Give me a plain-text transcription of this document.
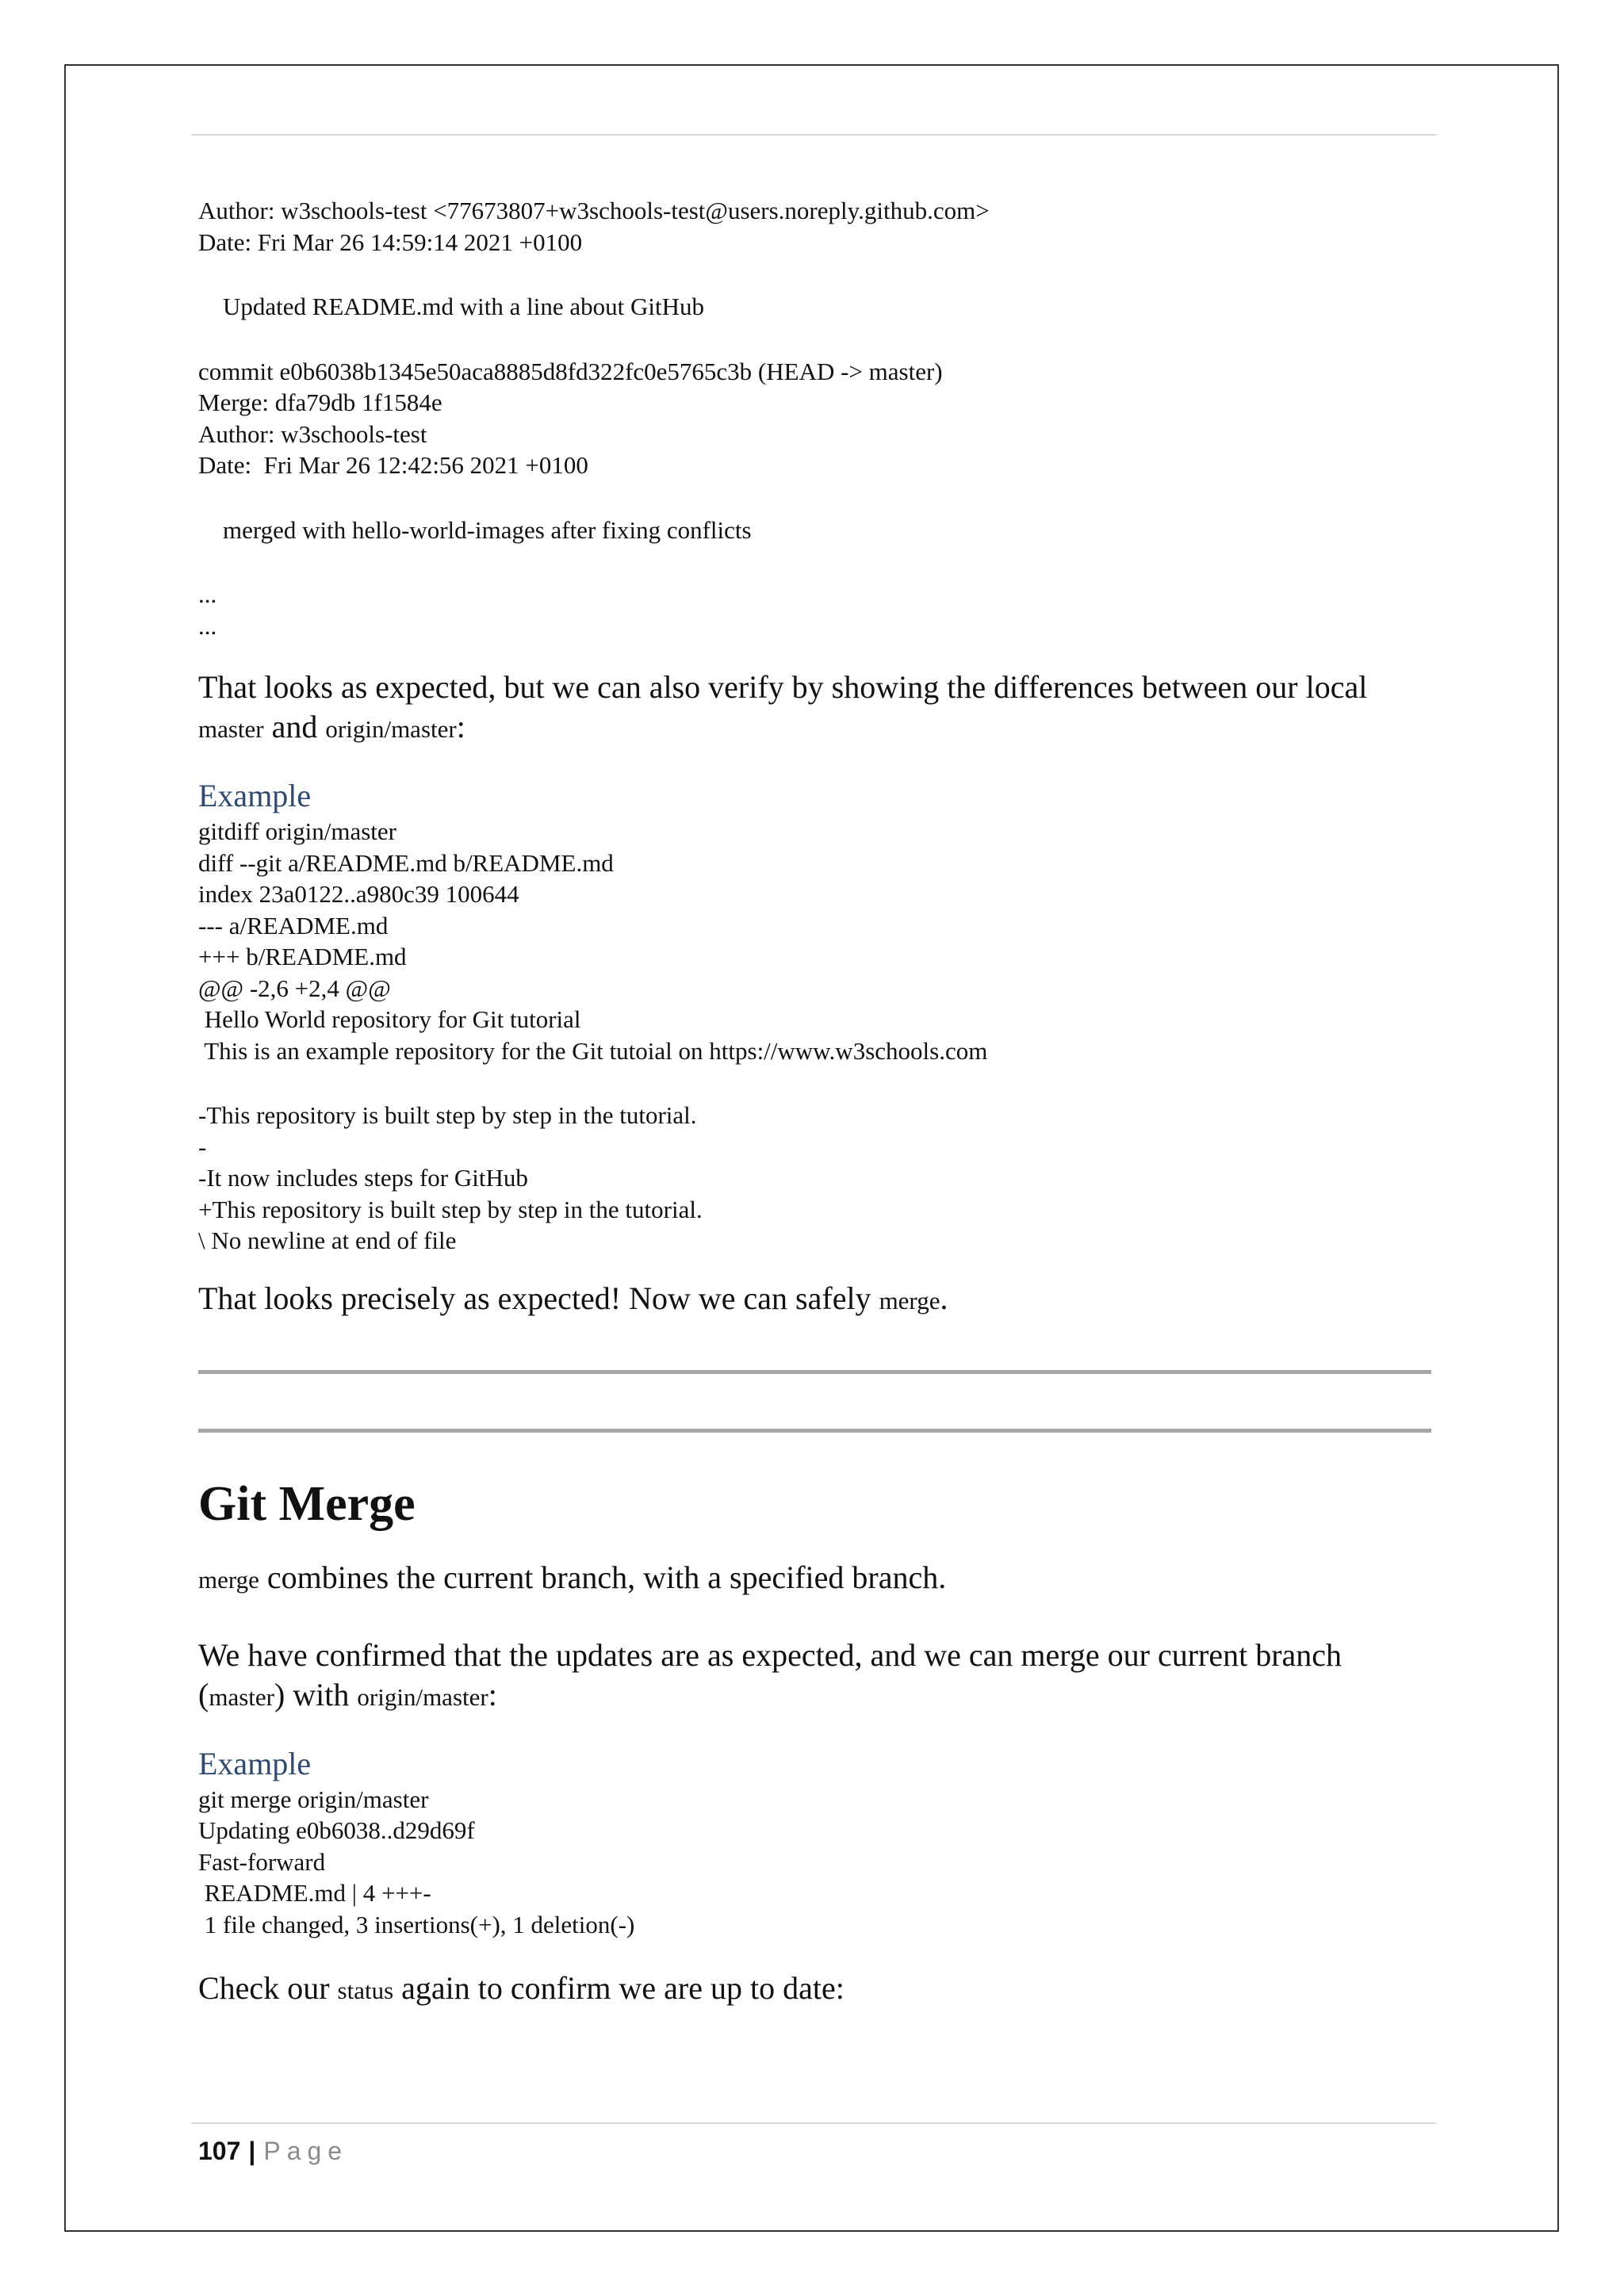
Author: w3schools-test <77673807+w3schools-test@users.noreply.github.com>
Date: Fri Mar 26 14:59:14 2021 +0100
Updated README.md with a line about GitHub
commit e0b6038b1345e50aca8885d8fd322fc0e5765c3b (HEAD -> master)
Merge: dfa79db 1f1584e
Author: w3schools-test
Date:  Fri Mar 26 12:42:56 2021 +0100
merged with hello-world-images after fixing conflicts
...
...

That looks as expected, but we can also verify by showing the differences between our local master and origin/master:

Example

gitdiff origin/master
diff --git a/README.md b/README.md
index 23a0122..a980c39 100644
--- a/README.md
+++ b/README.md
@@ -2,6 +2,4 @@
Hello World repository for Git tutorial
This is an example repository for the Git tutoial on https://www.w3schools.com
-This repository is built step by step in the tutorial.
-
-It now includes steps for GitHub
+This repository is built step by step in the tutorial.
\ No newline at end of file

That looks precisely as expected! Now we can safely merge.

Git Merge

merge combines the current branch, with a specified branch.

We have confirmed that the updates are as expected, and we can merge our current branch (master) with origin/master:

Example

git merge origin/master
Updating e0b6038..d29d69f
Fast-forward
README.md | 4 +++-
1 file changed, 3 insertions(+), 1 deletion(-)

Check our status again to confirm we are up to date:

107 | Page
